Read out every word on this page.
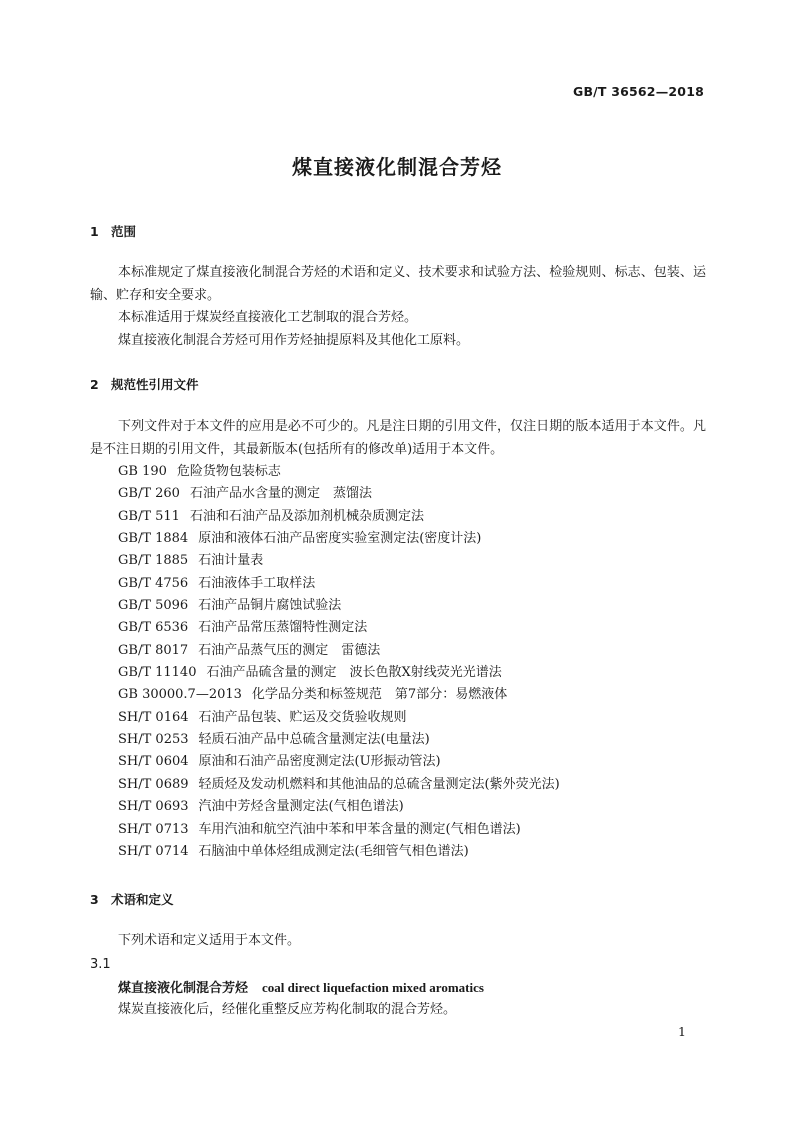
GB/T 36562—2018
煤直接液化制混合芳烃
1 范围
本标准规定了煤直接液化制混合芳烃的术语和定义、技术要求和试验方法、检验规则、标志、包装、运输、贮存和安全要求。
本标准适用于煤炭经直接液化工艺制取的混合芳烃。
煤直接液化制混合芳烃可用作芳烃抽提原料及其他化工原料。
2 规范性引用文件
下列文件对于本文件的应用是必不可少的。凡是注日期的引用文件，仅注日期的版本适用于本文件。凡是不注日期的引用文件，其最新版本(包括所有的修改单)适用于本文件。
GB 190 危险货物包装标志
GB/T 260 石油产品水含量的测定　蒸馏法
GB/T 511 石油和石油产品及添加剂机械杂质测定法
GB/T 1884 原油和液体石油产品密度实验室测定法(密度计法)
GB/T 1885 石油计量表
GB/T 4756 石油液体手工取样法
GB/T 5096 石油产品铜片腐蚀试验法
GB/T 6536 石油产品常压蒸馏特性测定法
GB/T 8017 石油产品蒸气压的测定　雷德法
GB/T 11140 石油产品硫含量的测定　波长色散X射线荧光光谱法
GB 30000.7—2013 化学品分类和标签规范　第7部分：易燃液体
SH/T 0164 石油产品包装、贮运及交货验收规则
SH/T 0253 轻质石油产品中总硫含量测定法(电量法)
SH/T 0604 原油和石油产品密度测定法(U形振动管法)
SH/T 0689 轻质烃及发动机燃料和其他油品的总硫含量测定法(紫外荧光法)
SH/T 0693 汽油中芳烃含量测定法(气相色谱法)
SH/T 0713 车用汽油和航空汽油中苯和甲苯含量的测定(气相色谱法)
SH/T 0714 石脑油中单体烃组成测定法(毛细管气相色谱法)
3 术语和定义
下列术语和定义适用于本文件。
3.1
煤直接液化制混合芳烃 coal direct liquefaction mixed aromatics
煤炭直接液化后，经催化重整反应芳构化制取的混合芳烃。
1
